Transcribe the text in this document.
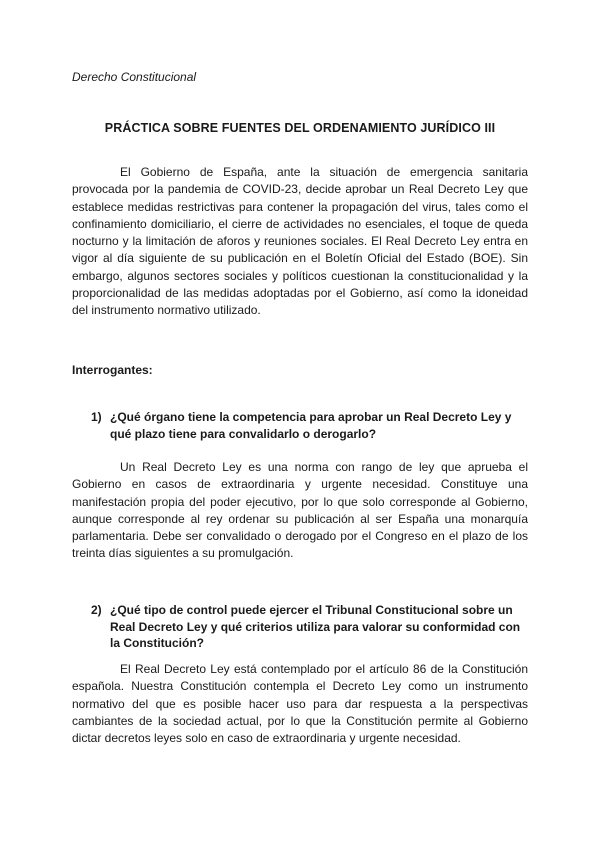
Derecho Constitucional

PRÁCTICA SOBRE FUENTES DEL ORDENAMIENTO JURÍDICO III

El Gobierno de España, ante la situación de emergencia sanitaria provocada por la pandemia de COVID-23, decide aprobar un Real Decreto Ley que establece medidas restrictivas para contener la propagación del virus, tales como el confinamiento domiciliario, el cierre de actividades no esenciales, el toque de queda nocturno y la limitación de aforos y reuniones sociales. El Real Decreto Ley entra en vigor al día siguiente de su publicación en el Boletín Oficial del Estado (BOE). Sin embargo, algunos sectores sociales y políticos cuestionan la constitucionalidad y la proporcionalidad de las medidas adoptadas por el Gobierno, así como la idoneidad del instrumento normativo utilizado.

Interrogantes:

1) ¿Qué órgano tiene la competencia para aprobar un Real Decreto Ley y qué plazo tiene para convalidarlo o derogarlo?

Un Real Decreto Ley es una norma con rango de ley que aprueba el Gobierno en casos de extraordinaria y urgente necesidad. Constituye una manifestación propia del poder ejecutivo, por lo que solo corresponde al Gobierno, aunque corresponde al rey ordenar su publicación al ser España una monarquía parlamentaria. Debe ser convalidado o derogado por el Congreso en el plazo de los treinta días siguientes a su promulgación.

2) ¿Qué tipo de control puede ejercer el Tribunal Constitucional sobre un Real Decreto Ley y qué criterios utiliza para valorar su conformidad con la Constitución?

El Real Decreto Ley está contemplado por el artículo 86 de la Constitución española. Nuestra Constitución contempla el Decreto Ley como un instrumento normativo del que es posible hacer uso para dar respuesta a la perspectivas cambiantes de la sociedad actual, por lo que la Constitución permite al Gobierno dictar decretos leyes solo en caso de extraordinaria y urgente necesidad.
